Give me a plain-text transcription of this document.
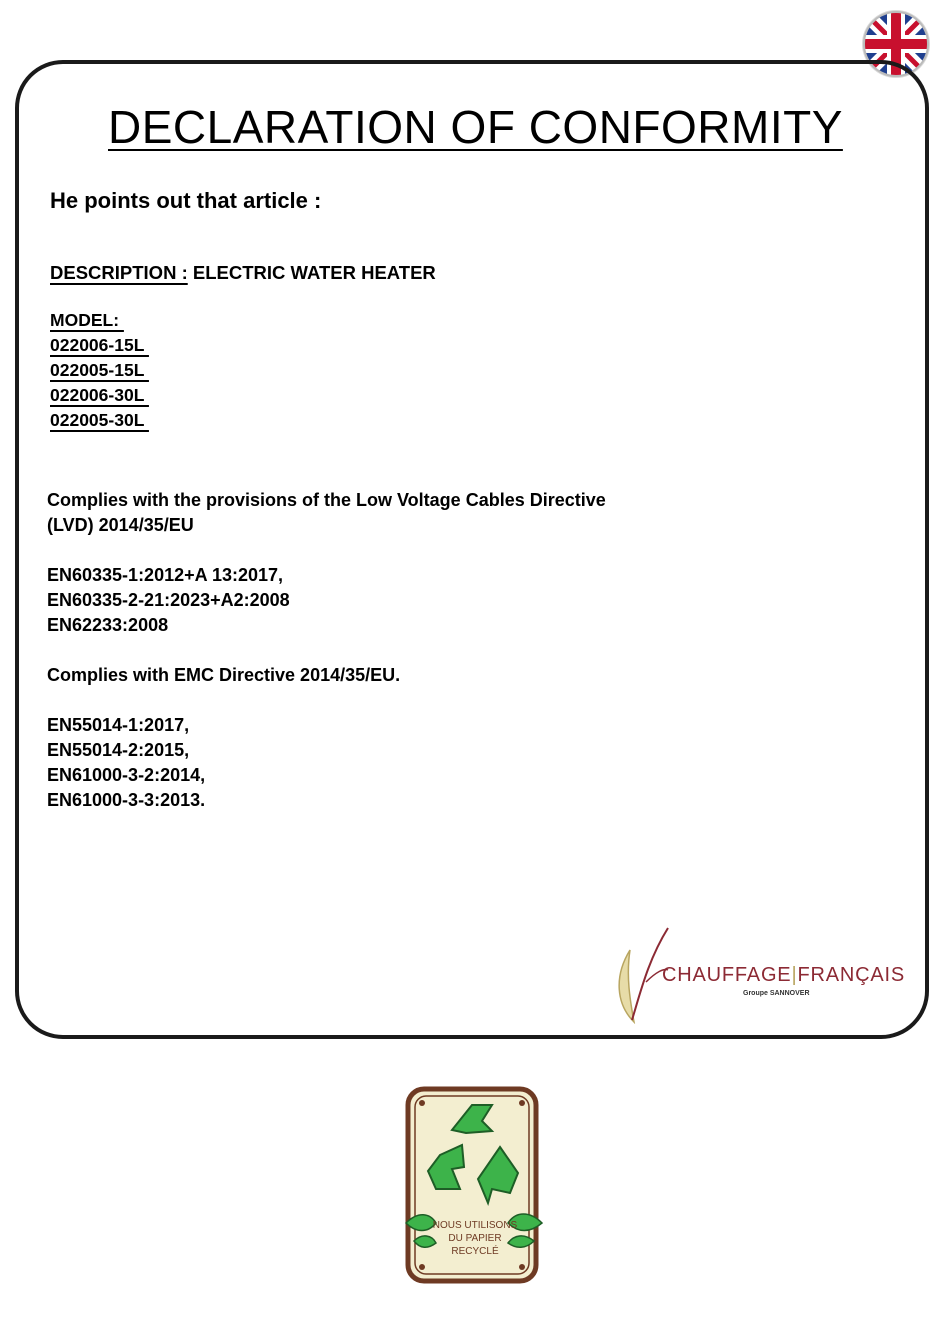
DECLARATION OF CONFORMITY

He points out that article :

DESCRIPTION : ELECTRIC WATER HEATER
MODEL:
022006-15L
022005-15L
022006-30L
022005-30L
Complies with the provisions of the Low Voltage Cables Directive
(LVD) 2014/35/EU
EN60335-1:2012+A 13:2017,
EN60335-2-21:2023+A2:2008
EN62233:2008
Complies with EMC Directive 2014/35/EU.
EN55014-1:2017,
EN55014-2:2015,
EN61000-3-2:2014,
EN61000-3-3:2013.
CHAUFFAGE|FRANÇAIS
Groupe SANNOVER
NOUS UTILISONS
DU PAPIER
RECYCLÉ
